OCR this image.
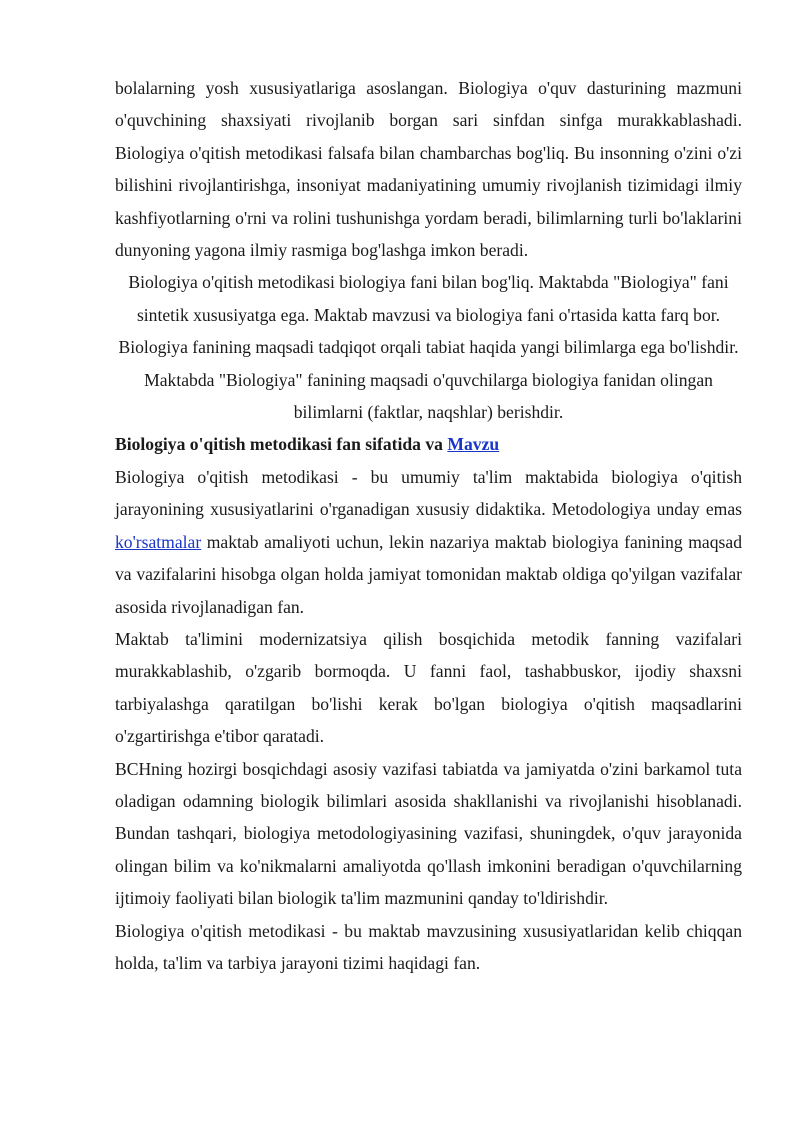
bolalarning yosh xususiyatlariga asoslangan. Biologiya o'quv dasturining mazmuni o'quvchining shaxsiyati rivojlanib borgan sari sinfdan sinfga murakkablashadi. Biologiya o'qitish metodikasi falsafa bilan chambarchas bog'liq. Bu insonning o'zini o'zi bilishini rivojlantirishga, insoniyat madaniyatining umumiy rivojlanish tizimidagi ilmiy kashfiyotlarning o'rni va rolini tushunishga yordam beradi, bilimlarning turli bo'laklarini dunyoning yagona ilmiy rasmiga bog'lashga imkon beradi.

Biologiya o'qitish metodikasi biologiya fani bilan bog'liq. Maktabda "Biologiya" fani sintetik xususiyatga ega. Maktab mavzusi va biologiya fani o'rtasida katta farq bor. Biologiya fanining maqsadi tadqiqot orqali tabiat haqida yangi bilimlarga ega bo'lishdir. Maktabda "Biologiya" fanining maqsadi o'quvchilarga biologiya fanidan olingan bilimlarni (faktlar, naqshlar) berishdir.

Biologiya o'qitish metodikasi fan sifatida va Mavzu

Biologiya o'qitish metodikasi - bu umumiy ta'lim maktabida biologiya o'qitish jarayonining xususiyatlarini o'rganadigan xususiy didaktika. Metodologiya unday emas ko'rsatmalar maktab amaliyoti uchun, lekin nazariya maktab biologiya fanining maqsad va vazifalarini hisobga olgan holda jamiyat tomonidan maktab oldiga qo'yilgan vazifalar asosida rivojlanadigan fan.

Maktab ta'limini modernizatsiya qilish bosqichida metodik fanning vazifalari murakkablashib, o'zgarib bormoqda. U fanni faol, tashabbuskor, ijodiy shaxsni tarbiyalashga qaratilgan bo'lishi kerak bo'lgan biologiya o'qitish maqsadlarini o'zgartirishga e'tibor qaratadi.

BCHning hozirgi bosqichdagi asosiy vazifasi tabiatda va jamiyatda o'zini barkamol tuta oladigan odamning biologik bilimlari asosida shakllanishi va rivojlanishi hisoblanadi. Bundan tashqari, biologiya metodologiyasining vazifasi, shuningdek, o'quv jarayonida olingan bilim va ko'nikmalarni amaliyotda qo'llash imkonini beradigan o'quvchilarning ijtimoiy faoliyati bilan biologik ta'lim mazmunini qanday to'ldirishdir.

Biologiya o'qitish metodikasi - bu maktab mavzusining xususiyatlaridan kelib chiqqan holda, ta'lim va tarbiya jarayoni tizimi haqidagi fan.
